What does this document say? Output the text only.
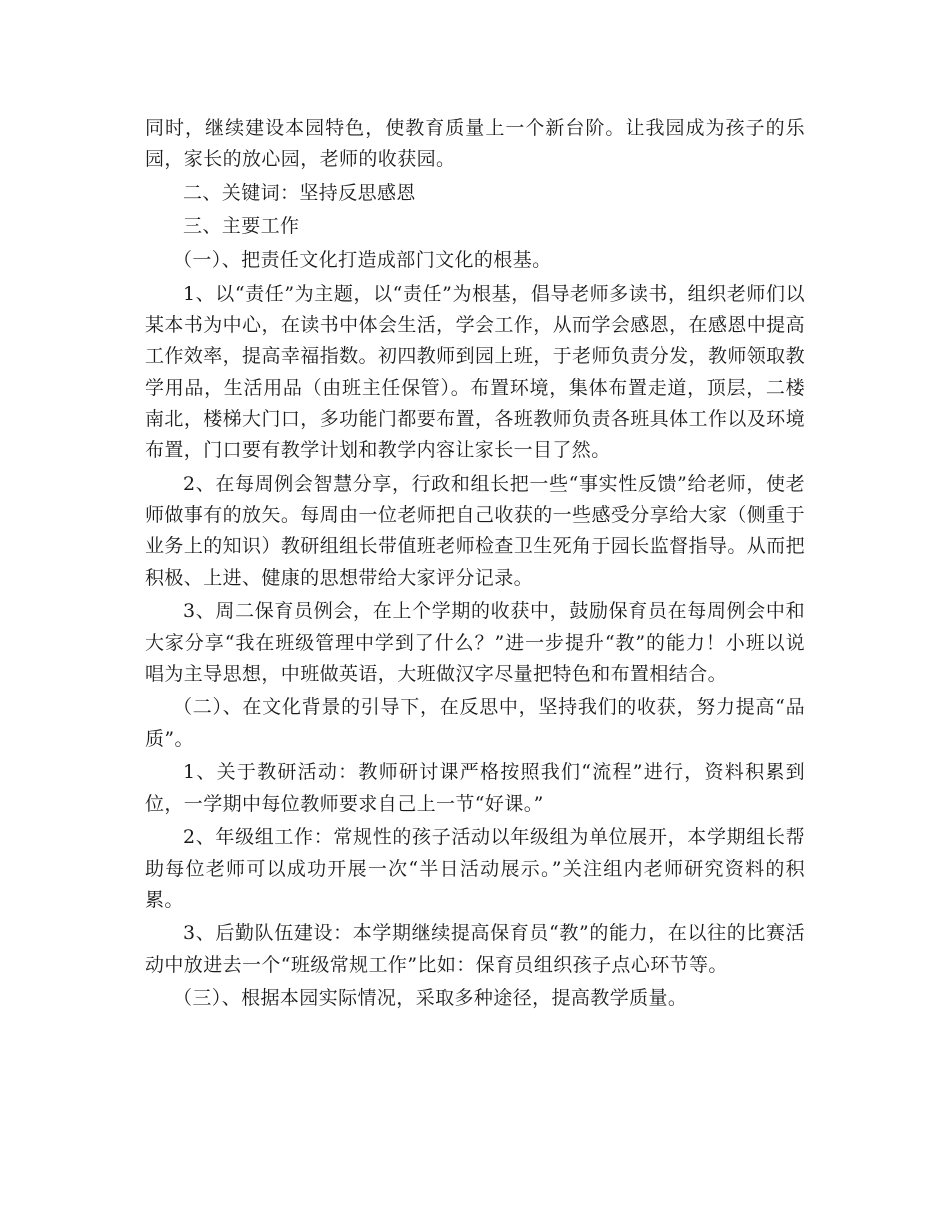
同时，继续建设本园特色，使教育质量上一个新台阶。让我园成为孩子的乐园，家长的放心园，老师的收获园。

二、关键词：坚持反思感恩

三、主要工作

（一）、把责任文化打造成部门文化的根基。

1、以“责任”为主题，以“责任”为根基，倡导老师多读书，组织老师们以某本书为中心，在读书中体会生活，学会工作，从而学会感恩，在感恩中提高工作效率，提高幸福指数。初四教师到园上班，于老师负责分发，教师领取教学用品，生活用品（由班主任保管）。布置环境，集体布置走道，顶层，二楼南北，楼梯大门口，多功能门都要布置，各班教师负责各班具体工作以及环境布置，门口要有教学计划和教学内容让家长一目了然。

2、在每周例会智慧分享，行政和组长把一些“事实性反馈”给老师，使老师做事有的放矢。每周由一位老师把自己收获的一些感受分享给大家（侧重于业务上的知识）教研组组长带值班老师检查卫生死角于园长监督指导。从而把积极、上进、健康的思想带给大家评分记录。

3、周二保育员例会，在上个学期的收获中，鼓励保育员在每周例会中和大家分享“我在班级管理中学到了什么？”进一步提升“教”的能力！小班以说唱为主导思想，中班做英语，大班做汉字尽量把特色和布置相结合。

（二）、在文化背景的引导下，在反思中，坚持我们的收获，努力提高“品质”。

1、关于教研活动：教师研讨课严格按照我们“流程”进行，资料积累到位，一学期中每位教师要求自己上一节“好课。”

2、年级组工作：常规性的孩子活动以年级组为单位展开，本学期组长帮助每位老师可以成功开展一次“半日活动展示。”关注组内老师研究资料的积累。

3、后勤队伍建设：本学期继续提高保育员“教”的能力，在以往的比赛活动中放进去一个“班级常规工作”比如：保育员组织孩子点心环节等。

（三）、根据本园实际情况，采取多种途径，提高教学质量。
